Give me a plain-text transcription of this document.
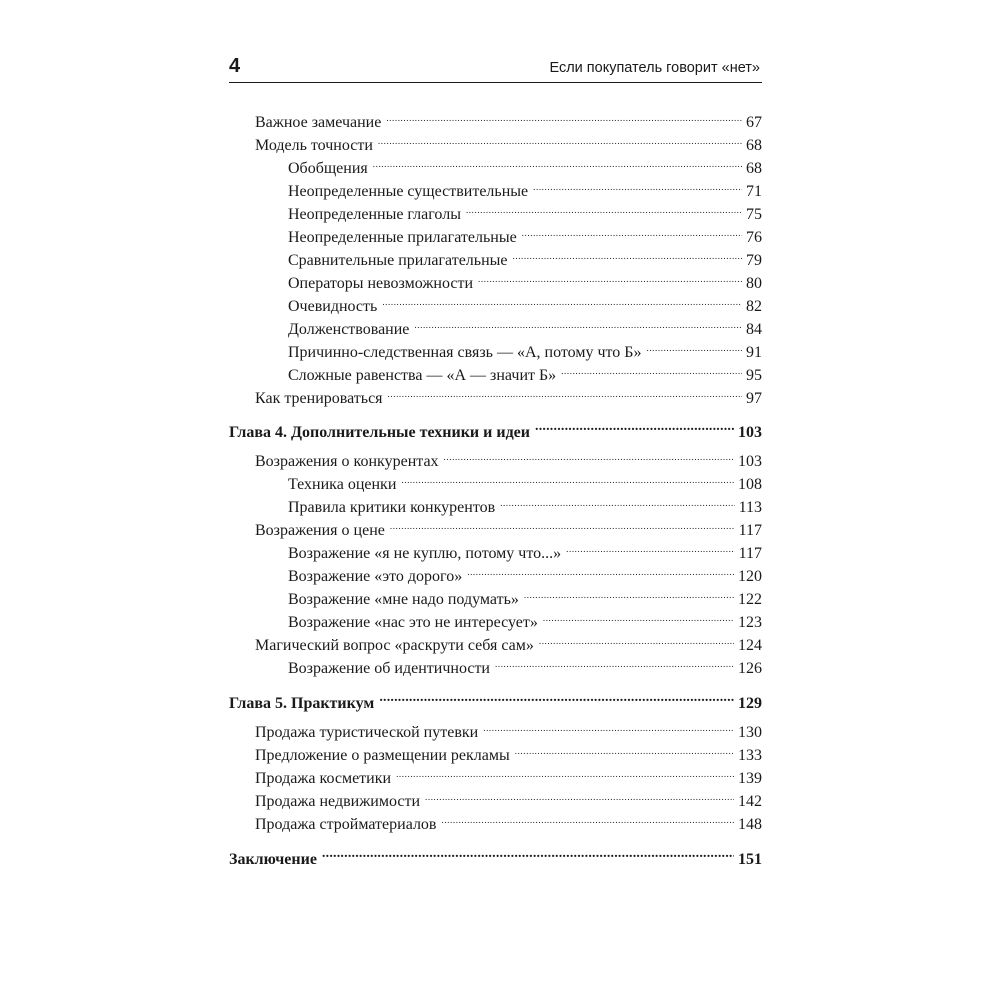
4	Если покупатель говорит «нет»
Важное замечание .....	67
Модель точности .....	68
Обобщения .....	68
Неопределенные существительные .....	71
Неопределенные глаголы .....	75
Неопределенные прилагательные .....	76
Сравнительные прилагательные .....	79
Операторы невозможности .....	80
Очевидность .....	82
Долженствование .....	84
Причинно-следственная связь — «А, потому что Б» .....	91
Сложные равенства — «А — значит Б» .....	95
Как тренироваться .....	97
Глава 4. Дополнительные техники и идеи .....	103
Возражения о конкурентах .....	103
Техника оценки .....	108
Правила критики конкурентов .....	113
Возражения о цене .....	117
Возражение «я не куплю, потому что...» .....	117
Возражение «это дорого» .....	120
Возражение «мне надо подумать» .....	122
Возражение «нас это не интересует» .....	123
Магический вопрос «раскрути себя сам» .....	124
Возражение об идентичности .....	126
Глава 5. Практикум .....	129
Продажа туристической путевки .....	130
Предложение о размещении рекламы .....	133
Продажа косметики .....	139
Продажа недвижимости .....	142
Продажа стройматериалов .....	148
Заключение .....	151
